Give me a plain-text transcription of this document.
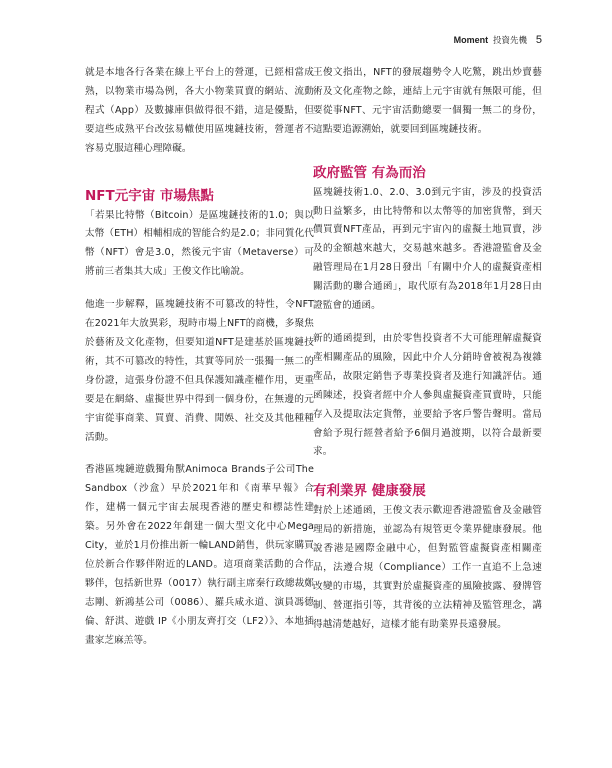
Moment 投資先機 5

就是本地各行各業在線上平台上的營運，已經相當成熟，以物業市場為例，各大小物業買賣的網站、流動程式（App）及數據庫俱做得很不錯，這是優點，但要這些成熟平台改弦易轍使用區塊鏈技術，營運者不容易克服這種心理障礙。

NFT元宇宙 市場焦點

「若果比特幣（Bitcoin）是區塊鏈技術的1.0；與以太幣（ETH）相輔相成的智能合約是2.0；非同質化代幣（NFT）會是3.0，然後元宇宙（Metaverse）可將前三者集其大成」王俊文作比喻說。

他進一步解釋，區塊鏈技術不可篡改的特性，令NFT在2021年大放異彩，現時市場上NFT的商機，多聚焦於藝術及文化產物，但要知道NFT是建基於區塊鏈技術，其不可篡改的特性，其實等同於一張獨一無二的身份證，這張身份證不但具保護知識產權作用，更重要是在網絡、虛擬世界中得到一個身份，在無邊的元宇宙從事商業、買賣、消費、閒娛、社交及其他種種活動。

香港區塊鏈遊戲獨角獸Animoca Brands子公司The Sandbox（沙盒）早於2021年和《南華早報》合作，建構一個元宇宙去展現香港的歷史和標誌性建築。另外會在2022年創建一個大型文化中心Mega City，並於1月份推出新一輪LAND銷售，供玩家購買位於新合作夥伴附近的LAND。這項商業活動的合作夥伴，包括新世界（0017）執行副主席秦行政總裁鄭志剛、新鴻基公司（0086）、羅兵咸永道、演員馮德倫、舒淇、遊戲 IP《小朋友齊打交（LF2）》、本地插畫家芝麻羔等。

王俊文指出，NFT的發展趨勢令人吃驚，跳出炒賣藝術及文化產物之餘，連結上元宇宙就有無限可能，但要從事NFT、元宇宙活動總要一個獨一無二的身份，這點要追源溯始，就要回到區塊鏈技術。

政府監管 有為而治

區塊鏈技術1.0、2.0、3.0到元宇宙，涉及的投資活動日益繁多，由比特幣和以太幣等的加密貨幣，到天價買賣NFT產品，再到元宇宙內的虛擬土地買賣，涉及的金額越來越大，交易越來越多。香港證監會及金融管理局在1月28日發出「有關中介人的虛擬資產相關活動的聯合通函」，取代原有為2018年1月28日由證監會的通函。

新的通函提到，由於零售投資者不大可能理解虛擬資產相關產品的風險，因此中介人分銷時會被視為複雜產品，故限定銷售予專業投資者及進行知識評估。通函陳述，投資者經中介人參與虛擬資產買賣時，只能存入及提取法定貨幣，並要給予客戶警告聲明。當局會給予現行經營者給予6個月過渡期，以符合最新要求。

有利業界 健康發展

對於上述通函，王俊文表示歡迎香港證監會及金融管理局的新措施，並認為有規管更令業界健康發展。他說香港是國際金融中心，但對監管虛擬資產相關產品，法遵合規（Compliance）工作一直追不上急速改變的市場，其實對於虛擬資產的風險披露、發牌管制、營運指引等，其背後的立法精神及監管理念，講得越清楚越好，這樣才能有助業界長遠發展。
